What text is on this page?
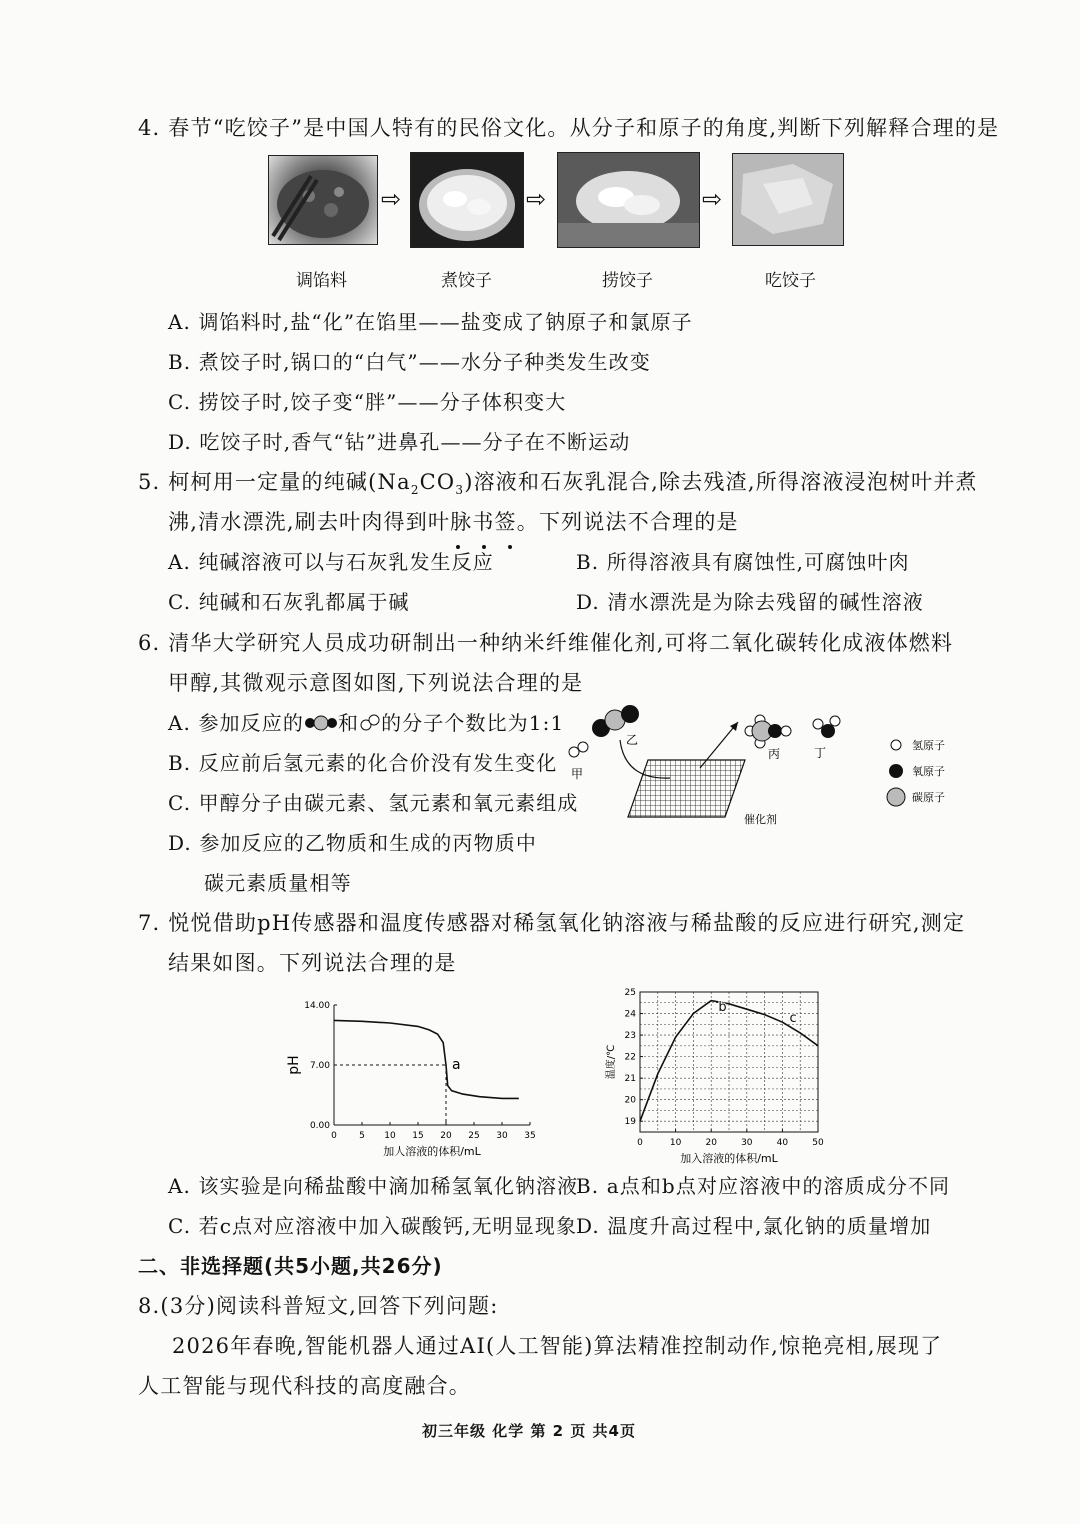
4. 春节“吃饺子”是中国人特有的民俗文化。从分子和原子的角度,判断下列解释合理的是
⇨	⇨	⇨
调馅料	煮饺子	捞饺子	吃饺子
A. 调馅料时,盐“化”在馅里——盐变成了钠原子和氯原子
B. 煮饺子时,锅口的“白气”——水分子种类发生改变
C. 捞饺子时,饺子变“胖”——分子体积变大
D. 吃饺子时,香气“钻”进鼻孔——分子在不断运动
5. 柯柯用一定量的纯碱$(Na_2CO_3)$溶液和石灰乳混合,除去残渣,所得溶液浸泡树叶并煮
沸,清水漂洗,刷去叶肉得到叶脉书签。下列说法不合理的是
A. 纯碱溶液可以与石灰乳发生反应	B. 所得溶液具有腐蚀性,可腐蚀叶肉
C. 纯碱和石灰乳都属于碱	D. 清水漂洗是为除去残留的碱性溶液
6. 清华大学研究人员成功研制出一种纳米纤维催化剂,可将二氧化碳转化成液体燃料
甲醇,其微观示意图如图,下列说法合理的是
A. 参加反应的 和 的分子个数比为1:1
B. 反应前后氢元素的化合价没有发生变化
C. 甲醇分子由碳元素、氢元素和氧元素组成
D. 参加反应的乙物质和生成的丙物质中
碳元素质量相等
乙
甲
丙	丁
催化剂
氢原子
氧原子
碳原子
7. 悦悦借助pH传感器和温度传感器对稀氢氧化钠溶液与稀盐酸的反应进行研究,测定
结果如图。下列说法合理的是
0 5 10 15 20 25 30 35
0.00
7.00
14.00
a
加人溶液的体积/mL
pH
0	10	20	30	40	50
19
20
21
22
23
24
25
b
c
加入溶液的体积/mL
温度/℃
A. 该实验是向稀盐酸中滴加稀氢氧化钠溶液
B. a点和b点对应溶液中的溶质成分不同
C. 若c点对应溶液中加入碳酸钙,无明显现象
D. 温度升高过程中,氯化钠的质量增加
二、非选择题(共5小题,共26分)
8.(3分)阅读科普短文,回答下列问题:
2026年春晚,智能机器人通过AI(人工智能)算法精准控制动作,惊艳亮相,展现了
人工智能与现代科技的高度融合。
初三年级 化学 第 2 页 共4页
